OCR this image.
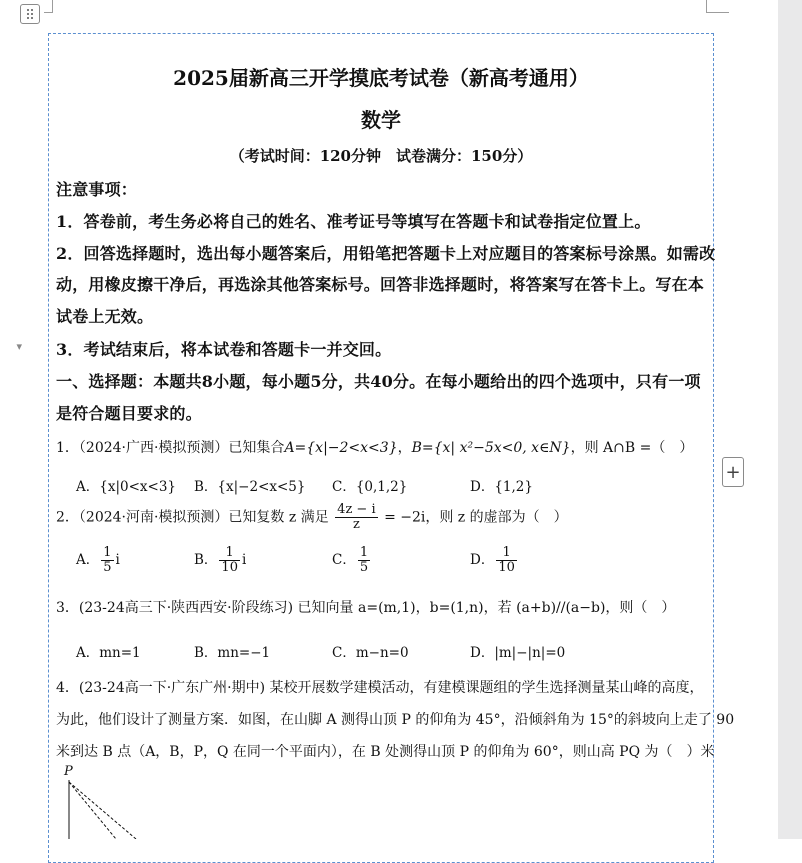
▾
+
2025届新高三开学摸底考试卷（新高考通用）
数学
（考试时间：120分钟　试卷满分：150分）
注意事项：
1．答卷前，考生务必将自己的姓名、准考证号等填写在答题卡和试卷指定位置上。
2．回答选择题时，选出每小题答案后，用铅笔把答题卡上对应题目的答案标号涂黑。如需改
动，用橡皮擦干净后，再选涂其他答案标号。回答非选择题时，将答案写在答卡上。写在本
试卷上无效。
3．考试结束后，将本试卷和答题卡一并交回。
一、选择题：本题共8小题，每小题5分，共40分。在每小题给出的四个选项中，只有一项
是符合题目要求的。
1．（2024·广西·模拟预测）已知集合A={x|−2<x<3}，B={x| x²−5x<0, x∈N}，则 A∩B =（　）
A．{x|0<x<3} B．{x|−2<x<5} C．{0,1,2}	D．{1,2}
2．（2024·河南·模拟预测）已知复数 z 满足 $\frac{4z - i}{z} = -2i$，则 z 的虚部为（　）
A． $\frac{1}{5}$ i	B． $\frac{1}{10}$ i	C． $\frac{1}{5}$	D． $\frac{1}{10}$
3．(23-24高三下·陕西西安·阶段练习) 已知向量 a=(m,1)，b=(1,n)，若 (a+b)//(a−b)，则（　）
A．mn=1	B．mn=−1	C．m−n=0	D．|m|−|n|=0
4．(23-24高一下·广东广州·期中) 某校开展数学建模活动，有建模课题组的学生选择测量某山峰的高度，
为此，他们设计了测量方案．如图，在山脚 A 测得山顶 P 的仰角为 45°，沿倾斜角为 15°的斜坡向上走了 90
米到达 B 点（A，B，P，Q 在同一个平面内），在 B 处测得山顶 P 的仰角为 60°，则山高 PQ 为（　）米
P
